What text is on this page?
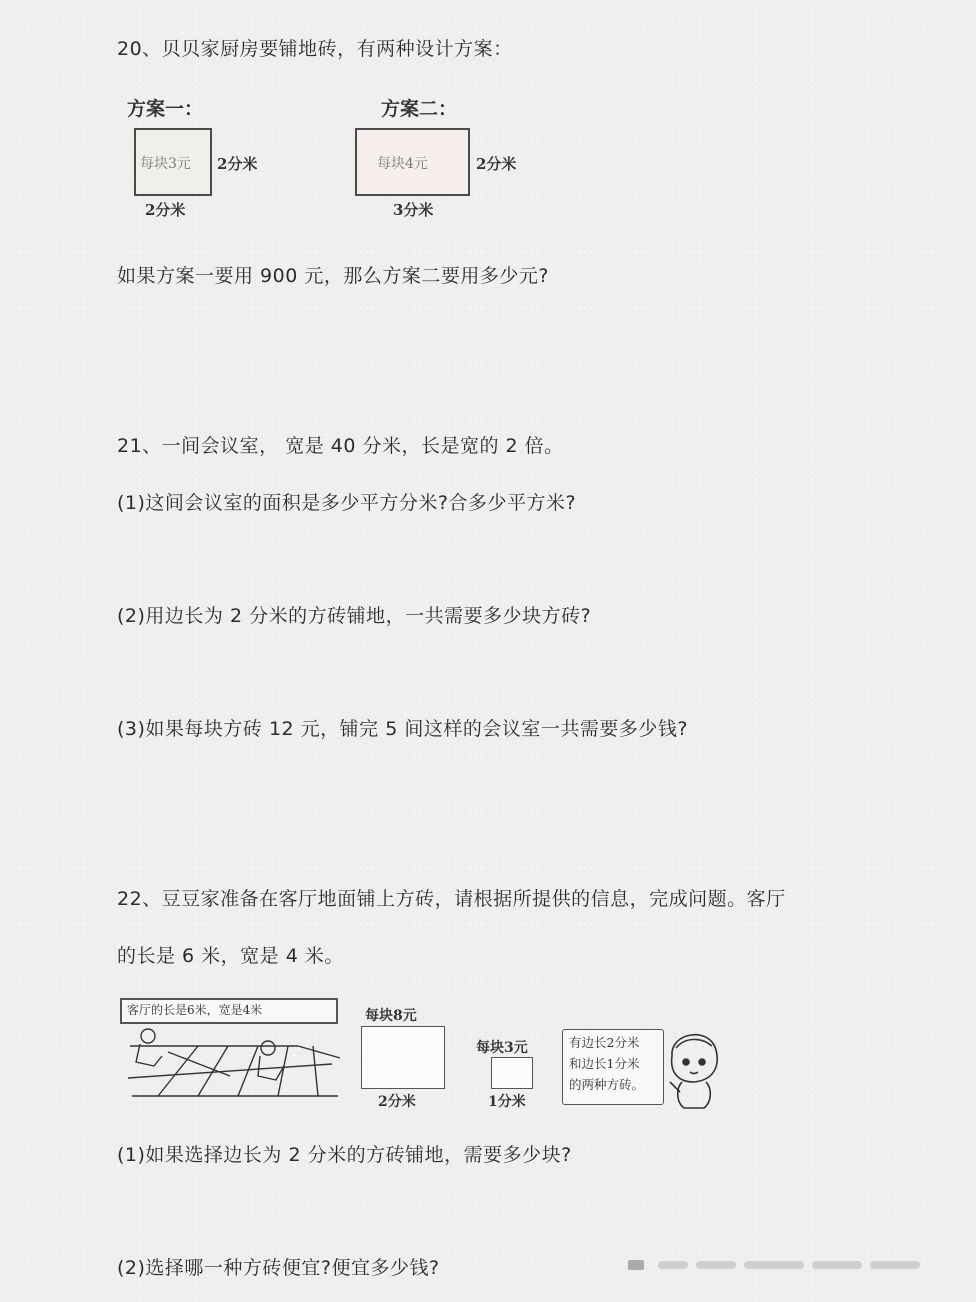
20、贝贝家厨房要铺地砖，有两种设计方案：
方案一：
每块3元 2分米
2分米
方案二：
每块4元	2分米
3分米
如果方案一要用 900 元，那么方案二要用多少元?
21、一间会议室， 宽是 40 分米，长是宽的 2 倍。
(1)这间会议室的面积是多少平方分米?合多少平方米?
(2)用边长为 2 分米的方砖铺地，一共需要多少块方砖?
(3)如果每块方砖 12 元，铺完 5 间这样的会议室一共需要多少钱?
22、豆豆家准备在客厅地面铺上方砖，请根据所提供的信息，完成问题。客厅
的长是 6 米，宽是 4 米。
客厅的长是6米，宽是4米	每块8元
2分米
每块3元
1分米
有边长2分米
和边长1分米
的两种方砖。
(1)如果选择边长为 2 分米的方砖铺地，需要多少块?
(2)选择哪一种方砖便宜?便宜多少钱?
